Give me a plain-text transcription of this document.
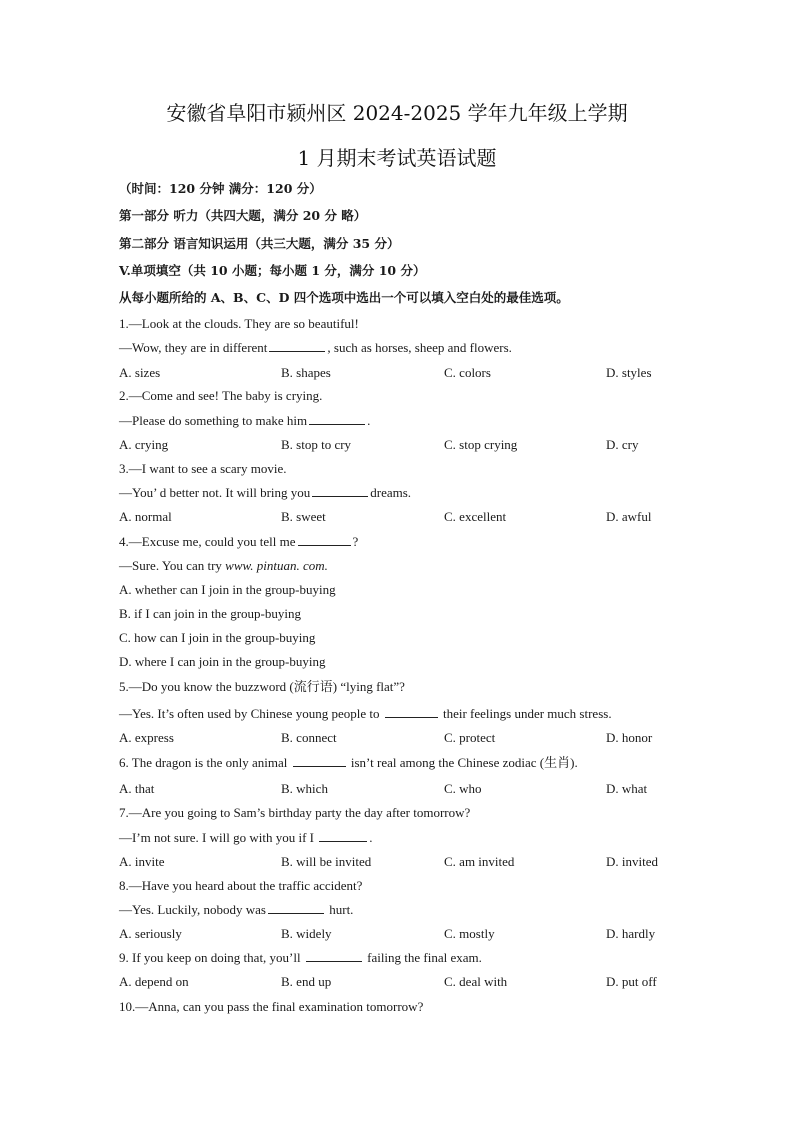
安徽省阜阳市颍州区 2024-2025 学年九年级上学期
1 月期末考试英语试题
（时间：120 分钟 满分：120 分）
第一部分 听力（共四大题，满分 20 分 略）
第二部分 语言知识运用（共三大题，满分 35 分）
V.单项填空（共 10 小题；每小题 1 分，满分 10 分）
从每小题所给的 A、B、C、D 四个选项中选出一个可以填入空白处的最佳选项。
1.—Look at the clouds. They are so beautiful!
—Wow, they are in different	, such as horses, sheep and flowers.
A. sizes	B. shapes	C. colors	D. styles
2.—Come and see! The baby is crying.
—Please do something to make him	.
A. crying	B. stop to cry	C. stop crying	D. cry
3.—I want to see a scary movie.
—You’ d better not. It will bring you	dreams.
A. normal	B. sweet	C. excellent	D. awful
4.—Excuse me, could you tell me	?
—Sure. You can try www. pintuan. com.
A. whether can I join in the group-buying
B. if I can join in the group-buying
C. how can I join in the group-buying
D. where I can join in the group-buying
5.—Do you know the buzzword (流行语) “lying flat”?
—Yes. It’s often used by Chinese young people to	their feelings under much stress.
A. express	B. connect	C. protect	D. honor
6. The dragon is the only animal	isn’t real among the Chinese zodiac (生肖).
A. that	B. which	C. who	D. what
7.—Are you going to Sam’s birthday party the day after tomorrow?
—I’m not sure. I will go with you if I	.
A. invite	B. will be invited	C. am invited	D. invited
8.—Have you heard about the traffic accident?
—Yes. Luckily, nobody was	hurt.
A. seriously	B. widely	C. mostly	D. hardly
9. If you keep on doing that, you’ll	failing the final exam.
A. depend on	B. end up	C. deal with	D. put off
10.—Anna, can you pass the final examination tomorrow?
